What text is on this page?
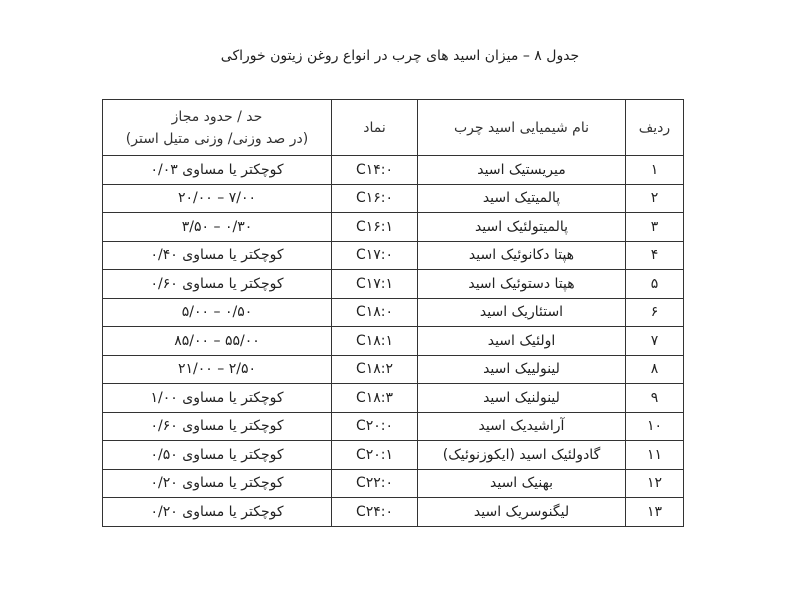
جدول ۸ – میزان اسید های چرب در انواع روغن زیتون خوراکی
ردیف	نام شیمیایی اسید چرب	نماد	حد / حدود مجاز
(در صد وزنی/ وزنی متیل استر)

۱	میریستیک اسید	C۱۴:۰	کوچکتر یا مساوی ۰/۰۳
۲	پالمیتیک اسید	C۱۶:۰	۷/۰۰ – ۲۰/۰۰
۳	پالمیتولئیک اسید	C۱۶:۱	۰/۳۰ – ۳/۵۰
۴	هپتا دکانوئیک اسید	C۱۷:۰	کوچکتر یا مساوی ۰/۴۰
۵	هپتا دستوئیک اسید	C۱۷:۱	کوچکتر یا مساوی ۰/۶۰
۶	استئاریک اسید	C۱۸:۰	۰/۵۰ – ۵/۰۰
۷	اولئیک اسید	C۱۸:۱	۵۵/۰۰ – ۸۵/۰۰
۸	لینولییک اسید	C۱۸:۲	۲/۵۰ – ۲۱/۰۰
۹	لینولنیک اسید	C۱۸:۳	کوچکتر یا مساوی ۱/۰۰
۱۰	آراشیدیک اسید	C۲۰:۰	کوچکتر یا مساوی ۰/۶۰
۱۱	گادولئیک اسید (ایکوزنوئیک)	C۲۰:۱	کوچکتر یا مساوی ۰/۵۰
۱۲	بهنیک اسید	C۲۲:۰	کوچکتر یا مساوی ۰/۲۰
۱۳	لیگنوسریک اسید	C۲۴:۰	کوچکتر یا مساوی ۰/۲۰
